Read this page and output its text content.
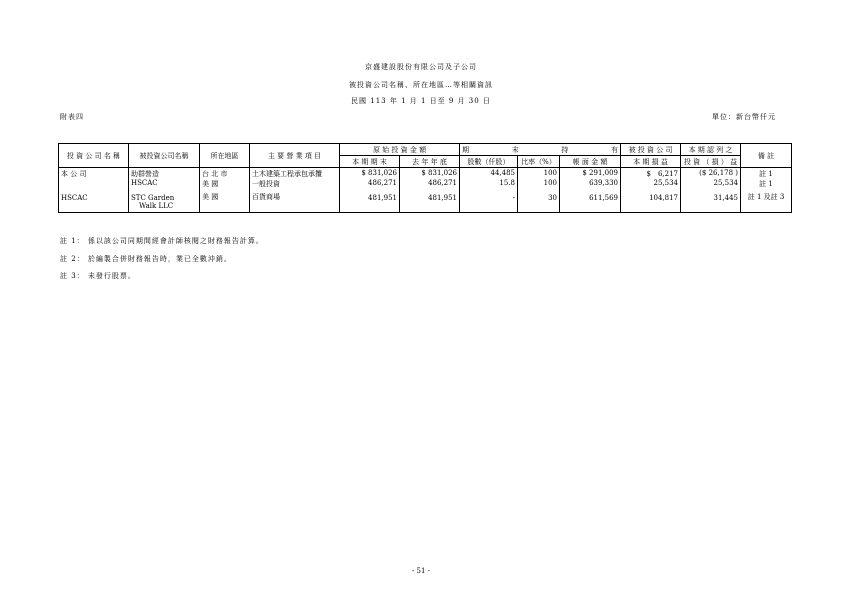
京盛建設股份有限公司及子公司
被投資公司名稱、所在地區…等相關資訊
民國 113 年 1 月 1 日至 9 月 30 日
附表四	單位：新台幣仟元
投 資 公 司 名 稱	被投資公司名稱	所在地區	主 要 營 業 項 目	原 始 投 資 金 額		期 末 持 有			被 投 資 公 司	本 期 認 列 之	備 註
				本 期 期 末	去 年 年 底	股數（仟股）	比率（%）	帳 面 金 額	本 期 損 益	投 資 （ 損 ） 益	
本 公 司	助群營造	台 北 市	土木建築工程承包承攬	$ 831,026	$ 831,026	44,485	100	$ 291,009	$　6,217	($ 26,178 )	註 1
	HSCAC	美 國	一般投資	486,271	486,271	15.8	100	639,330	25,534	25,534	註 1
HSCAC	STC Garden	美 國	百貨商場	481,951	481,951	-	30	611,569	104,817	31,445	註 1 及註 3
	Walk LLC										
註 1： 係以該公司同期間經會計師核閱之財務報告計算。
註 2： 於編製合併財務報告時，業已全數沖銷。
註 3： 未發行股票。
- 51 -
